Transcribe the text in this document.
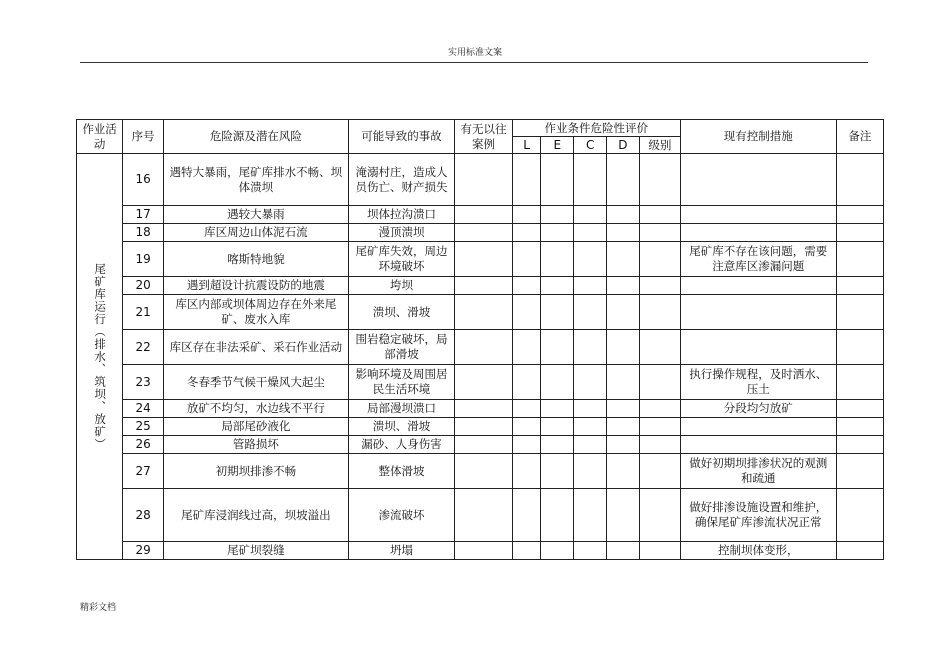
实用标准文案
作业活动	序号	危险源及潜在风险	可能导致的事故	有无以往案例	作业条件危险性评价					现有控制措施	备注
					L	E	C	D	级别		

尾矿库运行（排水、筑坝、放矿）	16	遇特大暴雨，尾矿库排水不畅、坝体溃坝	淹溺村庄，造成人员伤亡、财产损失								
	17	遇较大暴雨	坝体拉沟溃口								
	18	库区周边山体泥石流	漫顶溃坝								
	19	喀斯特地貌	尾矿库失效，周边环境破坏							尾矿库不存在该问题，需要注意库区渗漏问题	
	20	遇到超设计抗震设防的地震	垮坝								
	21	库区内部或坝体周边存在外来尾矿、废水入库	溃坝、滑坡								
	22	库区存在非法采矿、采石作业活动	围岩稳定破坏，局部滑坡								
	23	冬春季节气候干燥风大起尘	影响环境及周围居民生活环境							执行操作规程，及时洒水、压土	
	24	放矿不均匀，水边线不平行	局部漫坝溃口							分段均匀放矿	
	25	局部尾砂液化	溃坝、滑坡								
	26	管路损坏	漏砂、人身伤害								
	27	初期坝排渗不畅	整体滑坡							做好初期坝排渗状况的观测和疏通	
	28	尾矿库浸润线过高，坝坡溢出	渗流破坏							做好排渗设施设置和维护，确保尾矿库渗流状况正常	
	29	尾矿坝裂缝	坍塌							控制坝体变形，	
精彩文档
